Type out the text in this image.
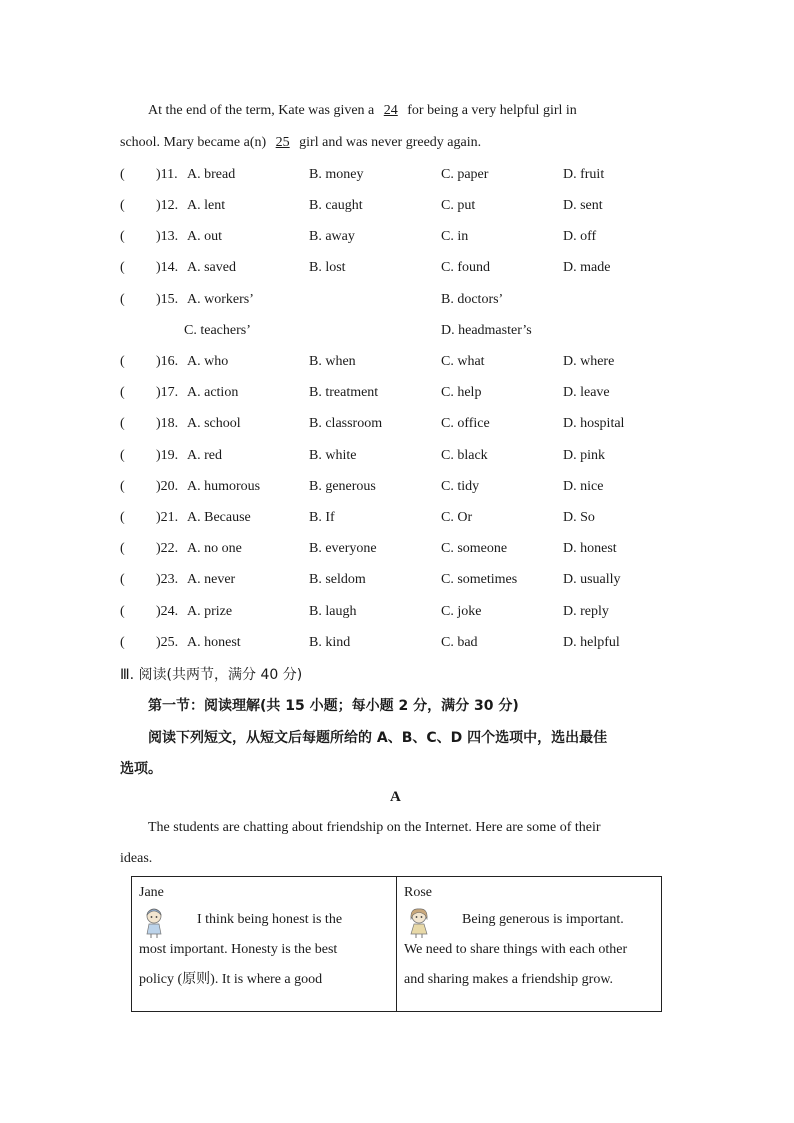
At the end of the term, Kate was given a 24 for being a very helpful girl in
school. Mary became a(n) 25 girl and was never greedy again.
( )11. A. bread	B. money	C. paper	D. fruit
( )12. A. lent	B. caught	C. put	D. sent
( )13. A. out	B. away	C. in	D. off
( )14. A. saved	B. lost	C. found	D. made
( )15. A. workers’	B. doctors’
C. teachers’	D. headmaster’s
( )16. A. who	B. when	C. what	D. where
( )17. A. action	B. treatment	C. help	D. leave
( )18. A. school	B. classroom	C. office	D. hospital
( )19. A. red	B. white	C. black	D. pink
( )20. A. humorous	B. generous	C. tidy	D. nice
( )21. A. Because	B. If	C. Or	D. So
( )22. A. no one	B. everyone	C. someone	D. honest
( )23. A. never	B. seldom	C. sometimes	D. usually
( )24. A. prize	B. laugh	C. joke	D. reply
( )25. A. honest	B. kind	C. bad	D. helpful
Ⅲ. 阅读(共两节，满分 40 分)
第一节：阅读理解(共 15 小题；每小题 2 分，满分 30 分)
阅读下列短文，从短文后每题所给的 A、B、C、D 四个选项中，选出最佳
选项。
A
The students are chatting about friendship on the Internet. Here are some of their
ideas.
Jane
I think being honest is the
most important. Honesty is the best
policy (原则). It is where a good

Rose
Being generous is important.
We need to share things with each other
and sharing makes a friendship grow.
